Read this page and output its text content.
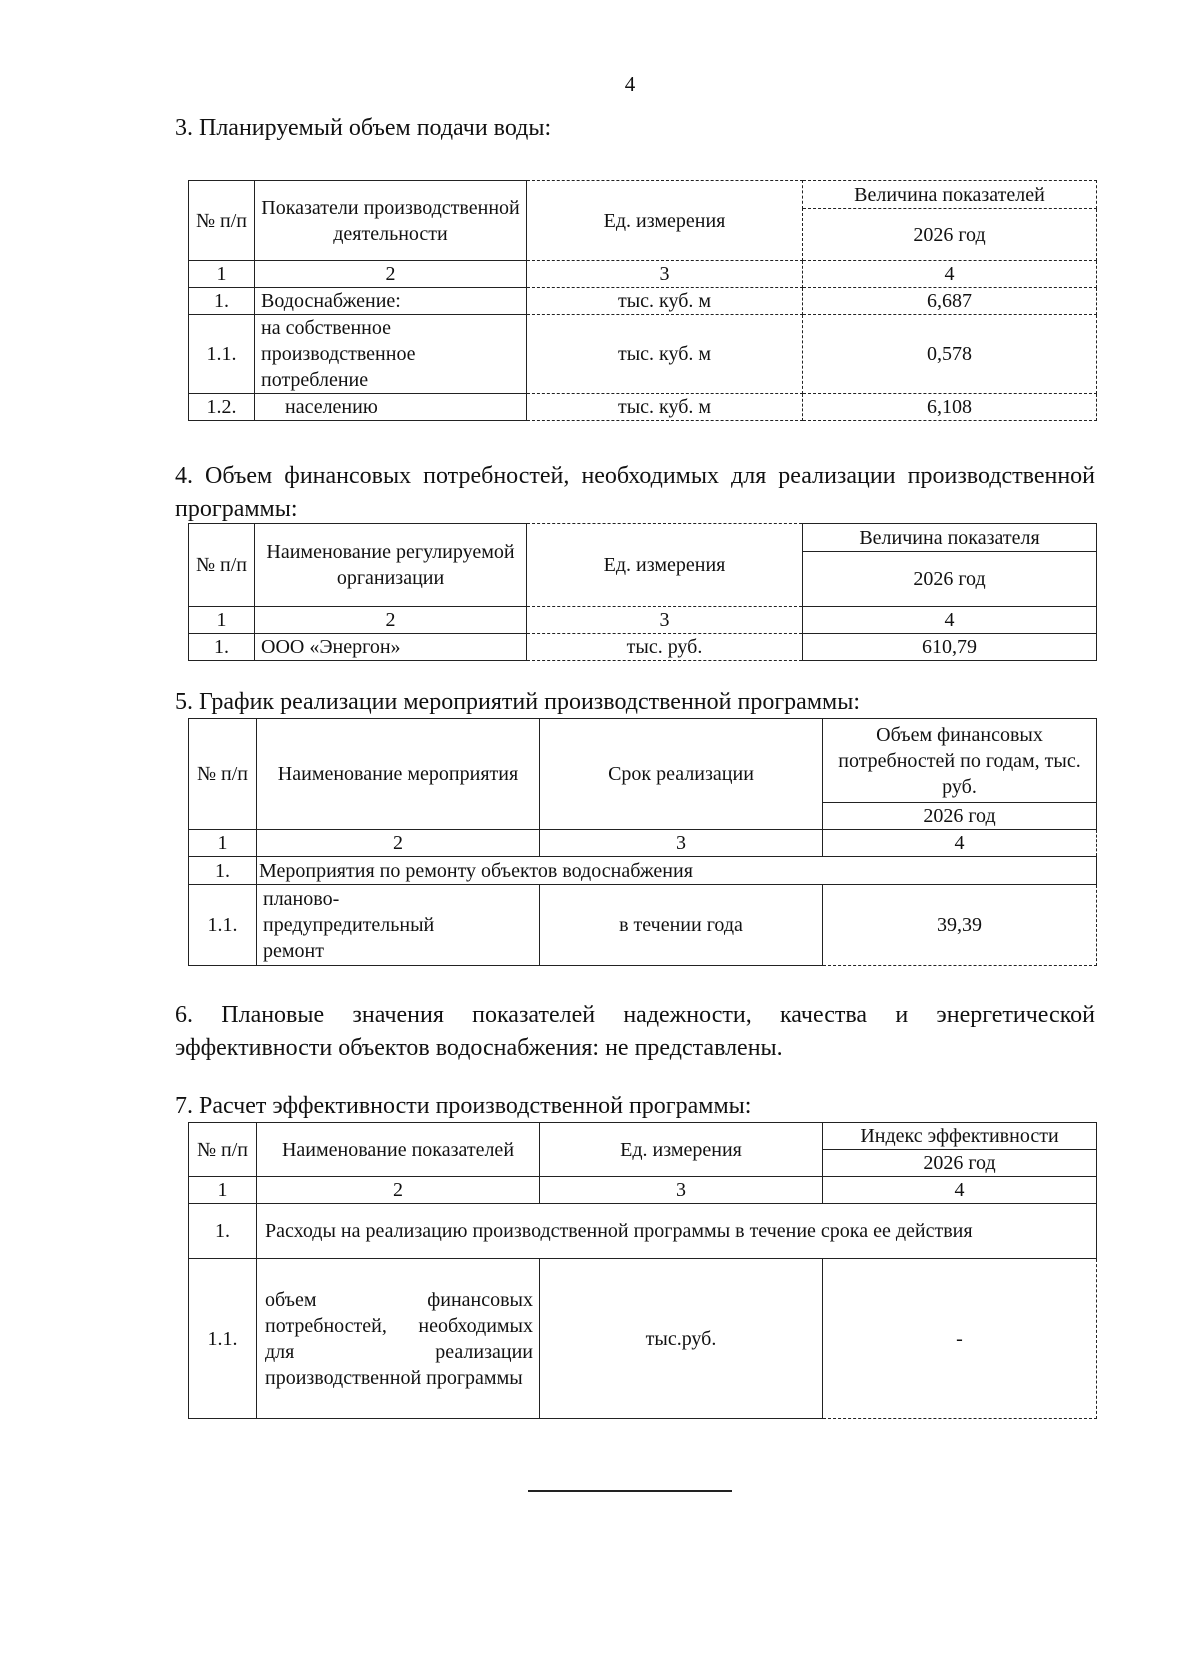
4
3. Планируемый объем подачи воды:
№ п/п	Показатели производственной деятельности	Ед. измерения	Величина показателей
			2026 год
1	2	3	4
1.	Водоснабжение:	тыс. куб. м	6,687
1.1.	на собственное производственное потребление	тыс. куб. м	0,578
1.2.	населению	тыс. куб. м	6,108
4. Объем финансовых потребностей, необходимых для реализации производственной программы:
№ п/п	Наименование регулируемой организации	Ед. измерения	Величина показателя
			2026 год
1	2	3	4
1.	ООО «Энергон»	тыс. руб.	610,79
5. График реализации мероприятий производственной программы:
№ п/п	Наименование мероприятия	Срок реализации	Объем финансовых потребностей по годам, тыс. руб.
			2026 год
1	2	3	4
1.	Мероприятия по ремонту объектов водоснабжения		
1.1.	планово-предупредительный ремонт	в течении года	39,39
6. Плановые значения показателей надежности, качества и энергетической эффективности объектов водоснабжения: не представлены.
7. Расчет эффективности производственной программы:
№ п/п	Наименование показателей	Ед. измерения	Индекс эффективности
			2026 год
1	2	3	4
1.	Расходы на реализацию производственной программы в течение срока ее действия		
1.1.	объем финансовых потребностей, необходимых для реализации производственной программы	тыс.руб.	-
